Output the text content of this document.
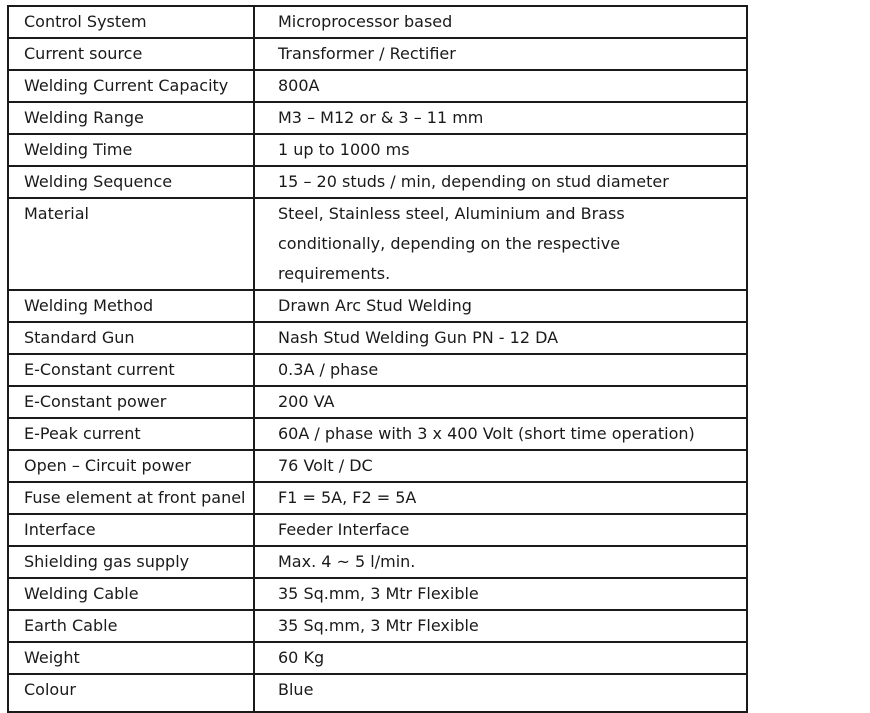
Control System	Microprocessor based
Current source	Transformer / Rectifier
Welding Current Capacity	800A
Welding Range	M3 – M12 or & 3 – 11 mm
Welding Time	1 up to 1000 ms
Welding Sequence	15 – 20 studs / min, depending on stud diameter
Material	Steel, Stainless steel, Aluminium and Brass conditionally, depending on the respective requirements.
Welding Method	Drawn Arc Stud Welding
Standard Gun	Nash Stud Welding Gun PN - 12 DA
E-Constant current	0.3A / phase
E-Constant power	200 VA
E-Peak current	60A / phase with 3 x 400 Volt (short time operation)
Open – Circuit power	76 Volt / DC
Fuse element at front panel	F1 = 5A, F2 = 5A
Interface	Feeder Interface
Shielding gas supply	Max. 4 ~ 5 l/min.
Welding Cable	35 Sq.mm, 3 Mtr Flexible
Earth Cable	35 Sq.mm, 3 Mtr Flexible
Weight	60 Kg
Colour	Blue
